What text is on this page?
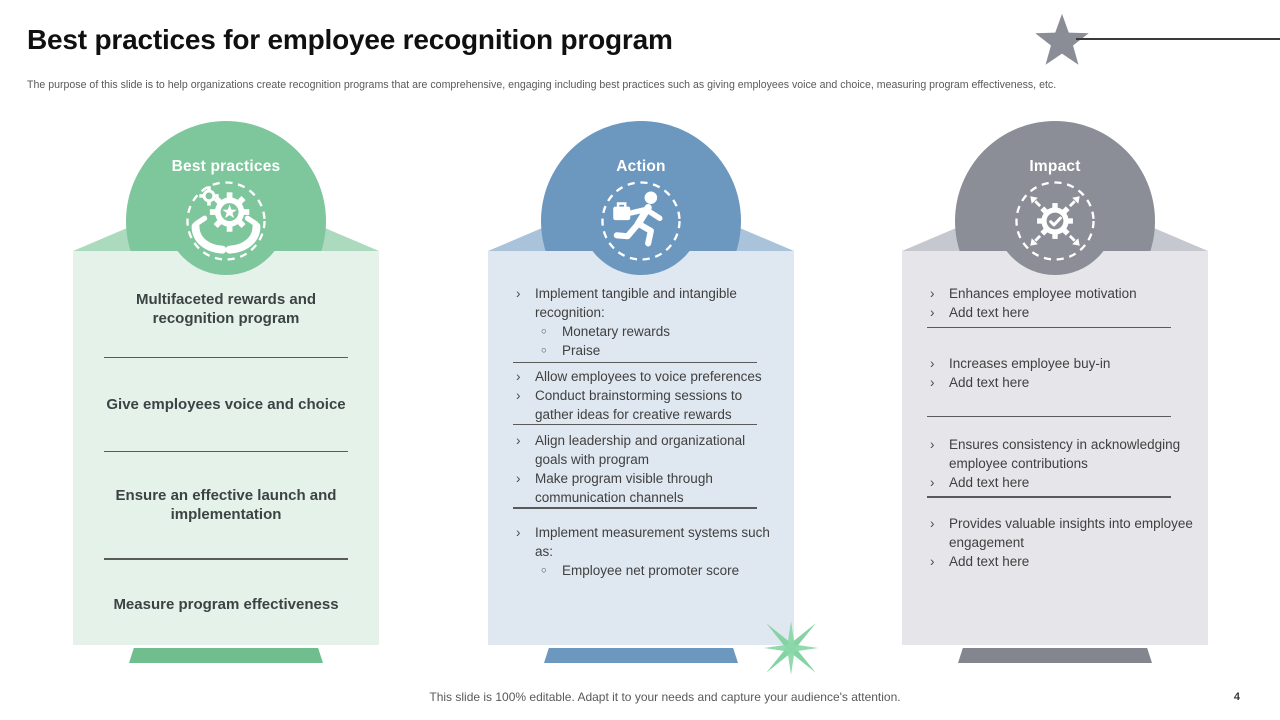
Best practices for employee recognition program
The purpose of this slide is to help organizations create recognition programs that are comprehensive, engaging including best practices such as giving employees voice and choice, measuring program effectiveness, etc.
Multifaceted rewards and recognition program
Give employees voice and choice
Ensure an effective launch and implementation
Measure program effectiveness
Best practices
›	Implement tangible and intangible recognition:
○	Monetary rewards
○	Praise
›	Allow employees to voice preferences
›	Conduct brainstorming sessions to gather ideas for creative rewards
›	Align leadership and organizational goals with program
›	Make program visible through communication channels
›	Implement measurement systems such as:
○	Employee net promoter score
Action
›	Enhances employee motivation
›	Add text here
›	Increases employee buy-in
›	Add text here
›	Ensures consistency in acknowledging employee contributions
›	Add text here
›	Provides valuable insights into employee engagement
›	Add text here
Impact
This slide is 100% editable. Adapt it to your needs and capture your audience's attention.	4
